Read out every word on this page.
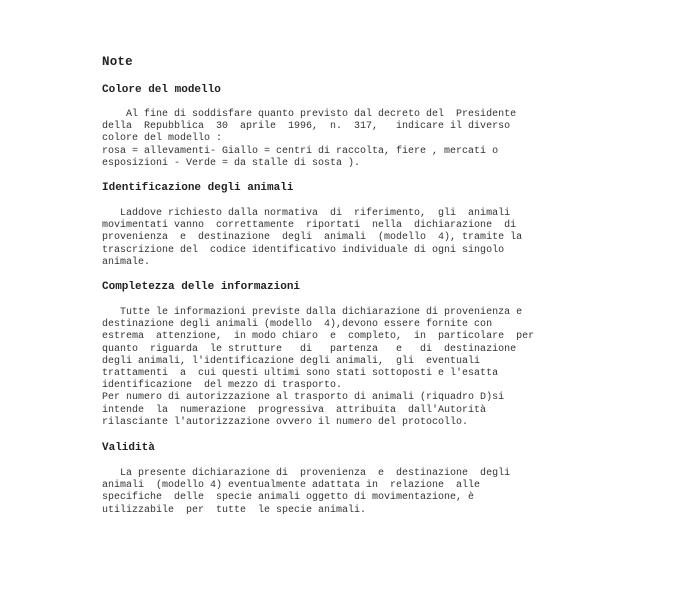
Note
Colore del modello
Al fine di soddisfare quanto previsto dal decreto del  Presidente
della  Repubblica  30  aprile  1996,  n.  317,   indicare il diverso
colore del modello :
rosa = allevamenti- Giallo = centri di raccolta, fiere , mercati o
esposizioni - Verde = da stalle di sosta ).
Identificazione degli animali
Laddove richiesto dalla normativa  di  riferimento,  gli  animali
movimentati vanno  correttamente  riportati  nella  dichiarazione  di
provenienza  e  destinazione  degli  animali  (modello  4), tramite la
trascrizione del  codice identificativo individuale di ogni singolo
animale.
Completezza delle informazioni
Tutte le informazioni previste dalla dichiarazione di provenienza e
destinazione degli animali (modello  4),devono essere fornite con
estrema  attenzione,  in modo chiaro  e  completo,  in  particolare  per
quanto  riguarda  le strutture   di   partenza   e   di  destinazione
degli animali, l'identificazione degli animali,  gli  eventuali
trattamenti  a  cui questi ultimi sono stati sottoposti e l'esatta
identificazione  del mezzo di trasporto.
Per numero di autorizzazione al trasporto di animali (riquadro D)si
intende  la  numerazione  progressiva  attribuita  dall'Autorità
rilasciante l'autorizzazione ovvero il numero del protocollo.
Validità
La presente dichiarazione di  provenienza  e  destinazione  degli
animali  (modello 4) eventualmente adattata in  relazione  alle
specifiche  delle  specie animali oggetto di movimentazione, è
utilizzabile  per  tutte  le specie animali.
